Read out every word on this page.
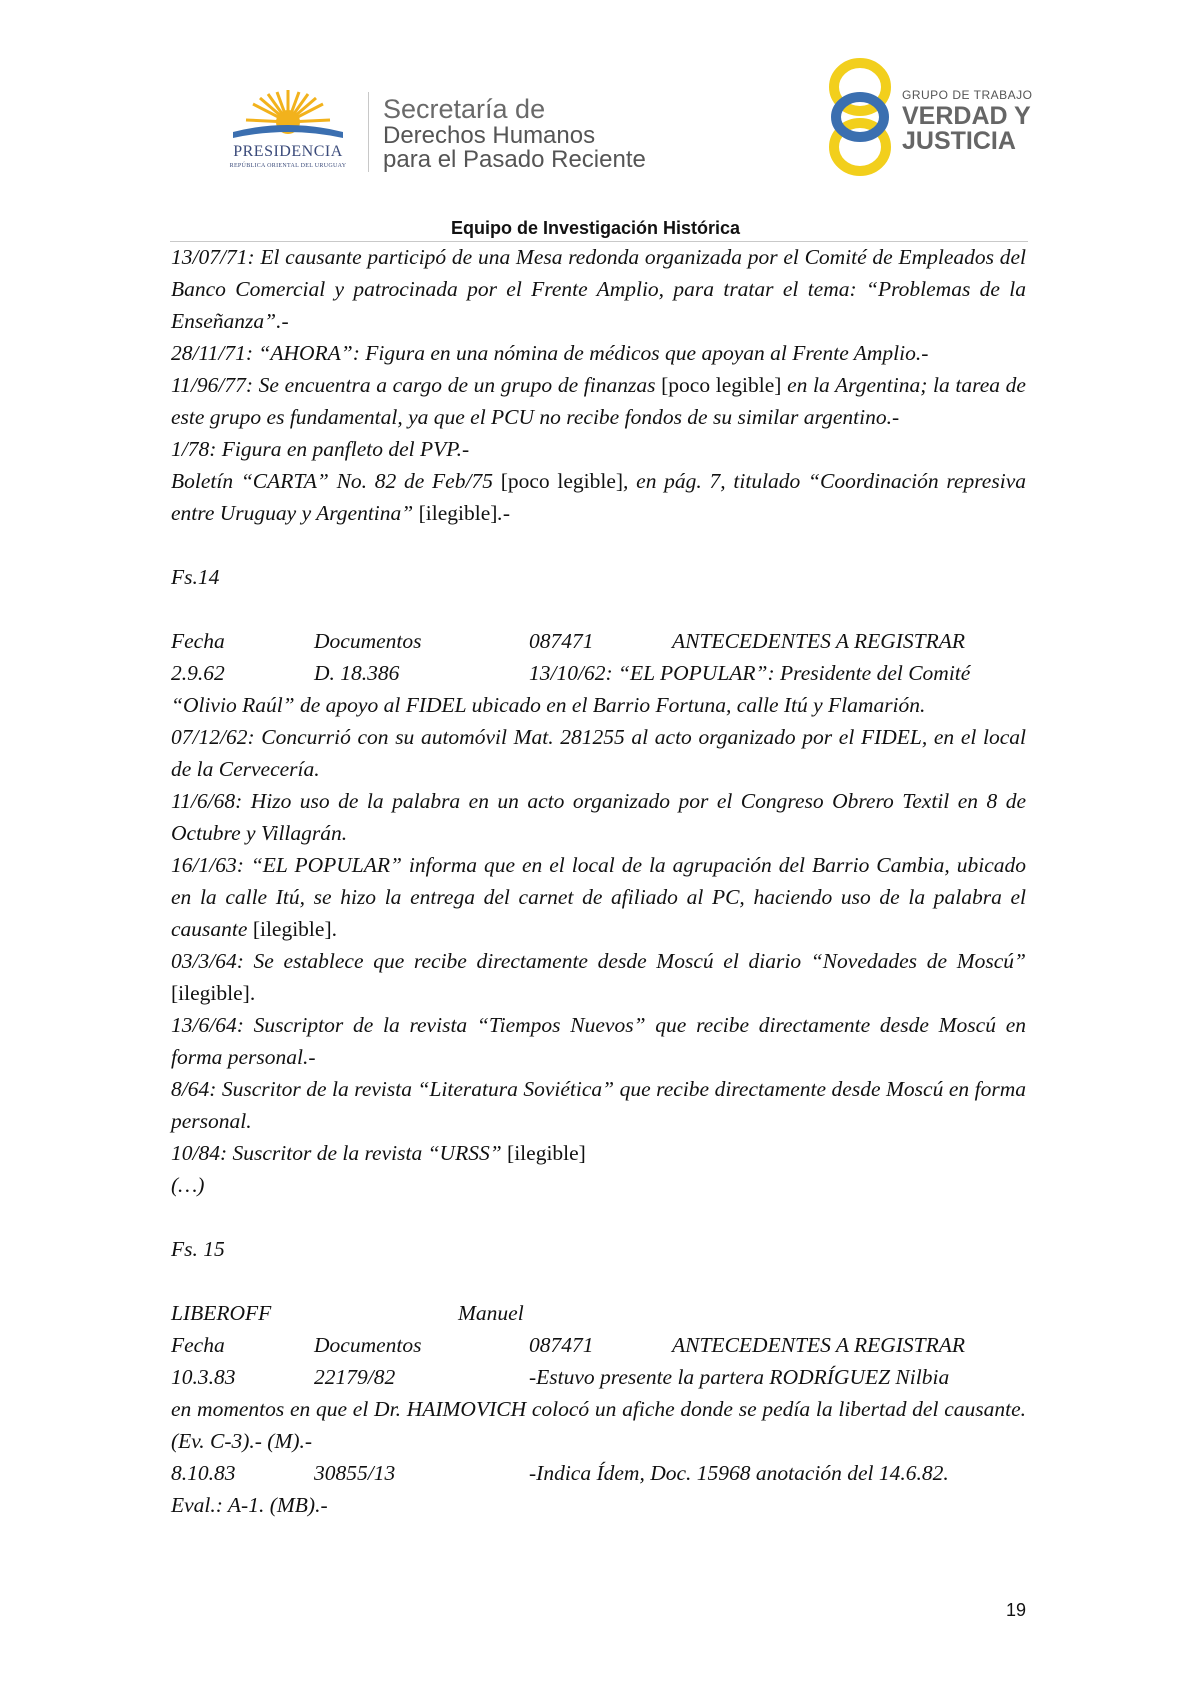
PRESIDENCIA
REPÚBLICA ORIENTAL DEL URUGUAY
Secretaría de
Derechos Humanos
para el Pasado Reciente
GRUPO DE TRABAJO
VERDAD Y
JUSTICIA
Equipo de Investigación Histórica

13/07/71: El causante participó de una Mesa redonda organizada por el Comité de Empleados del Banco Comercial y patrocinada por el Frente Amplio, para tratar el tema: “Problemas de la Enseñanza”.-

28/11/71: “AHORA”: Figura en una nómina de médicos que apoyan al Frente Amplio.-

11/96/77: Se encuentra a cargo de un grupo de finanzas [poco legible] en la Argentina; la tarea de este grupo es fundamental, ya que el PCU no recibe fondos de su similar argentino.-

1/78: Figura en panfleto del PVP.-

Boletín “CARTA” No. 82 de Feb/75 [poco legible], en pág. 7, titulado “Coordinación represiva entre Uruguay y Argentina” [ilegible].-

Fs.14

Fecha	Documentos	087471	ANTECEDENTES A REGISTRAR
2.9.62	D. 18.386	13/10/62: “EL POPULAR”: Presidente del Comité

“Olivio Raúl” de apoyo al FIDEL ubicado en el Barrio Fortuna, calle Itú y Flamarión.

07/12/62: Concurrió con su automóvil Mat. 281255 al acto organizado por el FIDEL, en el local de la Cervecería.

11/6/68: Hizo uso de la palabra en un acto organizado por el Congreso Obrero Textil en 8 de Octubre y Villagrán.

16/1/63: “EL POPULAR” informa que en el local de la agrupación del Barrio Cambia, ubicado en la calle Itú, se hizo la entrega del carnet de afiliado al PC, haciendo uso de la palabra el causante [ilegible].

03/3/64: Se establece que recibe directamente desde Moscú el diario “Novedades de Moscú” [ilegible].

13/6/64: Suscriptor de la revista “Tiempos Nuevos” que recibe directamente desde Moscú en forma personal.-

8/64: Suscritor de la revista “Literatura Soviética” que recibe directamente desde Moscú en forma personal.

10/84: Suscritor de la revista “URSS” [ilegible]

(…)

Fs. 15

LIBEROFF	Manuel
Fecha	Documentos	087471	ANTECEDENTES A REGISTRAR
10.3.83	22179/82	-Estuvo presente la partera RODRÍGUEZ Nilbia

en momentos en que el Dr. HAIMOVICH colocó un afiche donde se pedía la libertad del causante. (Ev. C-3).- (M).-

8.10.83	30855/13	-Indica Ídem, Doc. 15968 anotación del 14.6.82.

Eval.: A-1. (MB).-

19
